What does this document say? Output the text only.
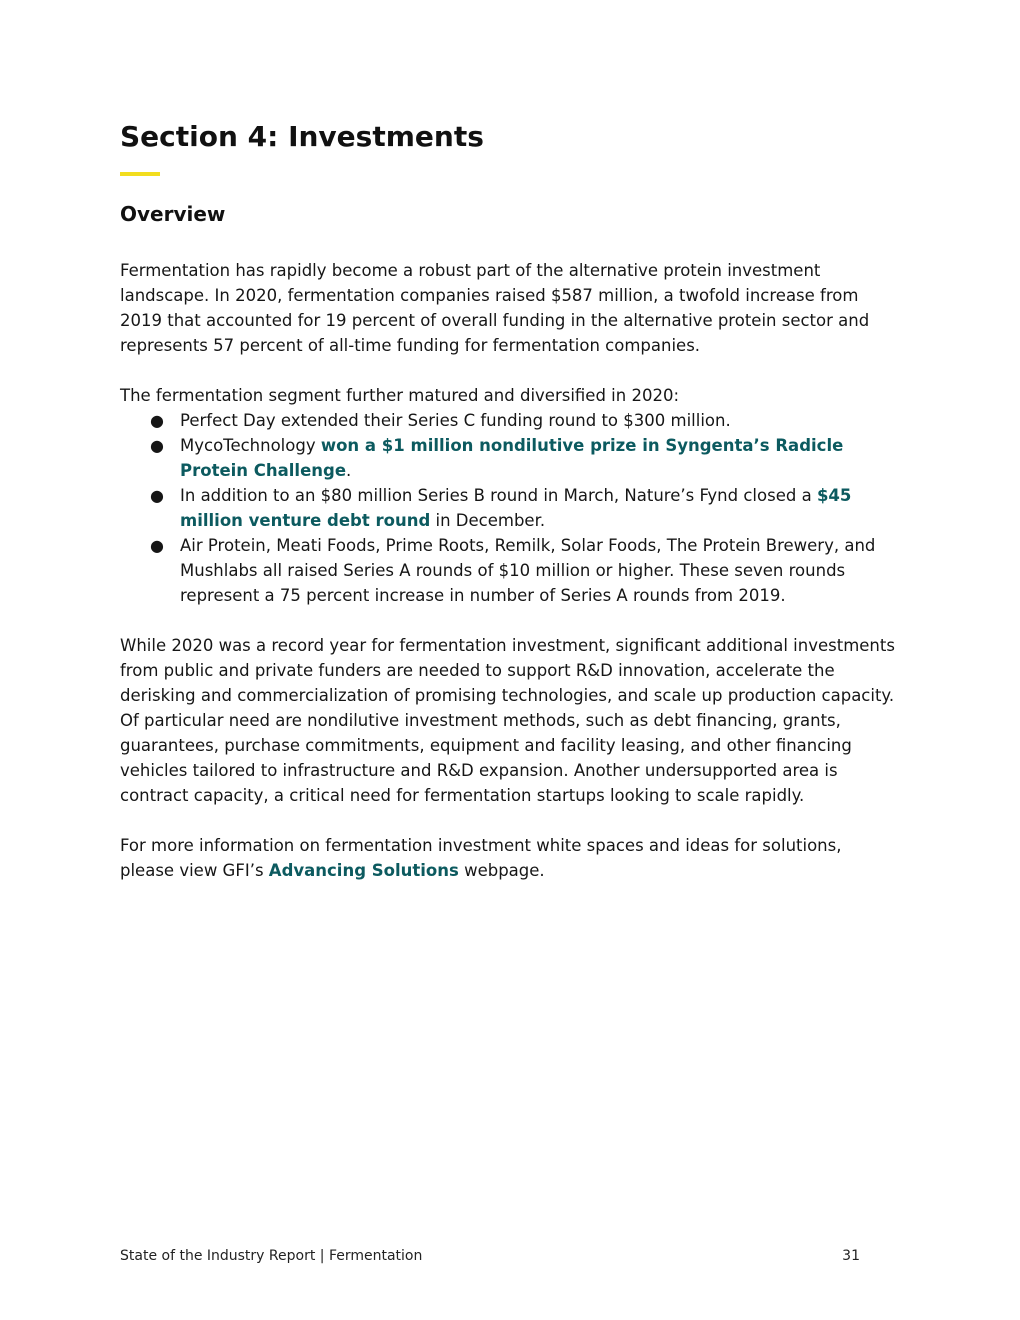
Section 4: Investments
Overview

Fermentation has rapidly become a robust part of the alternative protein investment landscape. In 2020, fermentation companies raised $587 million, a twofold increase from 2019 that accounted for 19 percent of overall funding in the alternative protein sector and represents 57 percent of all-time funding for fermentation companies.

The fermentation segment further matured and diversified in 2020:

● Perfect Day extended their Series C funding round to $300 million.
● MycoTechnology won a $1 million nondilutive prize in Syngenta’s Radicle Protein Challenge.
● In addition to an $80 million Series B round in March, Nature’s Fynd closed a $45 million venture debt round in December.
● Air Protein, Meati Foods, Prime Roots, Remilk, Solar Foods, The Protein Brewery, and Mushlabs all raised Series A rounds of $10 million or higher. These seven rounds represent a 75 percent increase in number of Series A rounds from 2019.

While 2020 was a record year for fermentation investment, significant additional investments from public and private funders are needed to support R&D innovation, accelerate the derisking and commercialization of promising technologies, and scale up production capacity. Of particular need are nondilutive investment methods, such as debt financing, grants, guarantees, purchase commitments, equipment and facility leasing, and other financing vehicles tailored to infrastructure and R&D expansion. Another undersupported area is contract capacity, a critical need for fermentation startups looking to scale rapidly.

For more information on fermentation investment white spaces and ideas for solutions, please view GFI’s Advancing Solutions webpage.

State of the Industry Report | Fermentation	31
